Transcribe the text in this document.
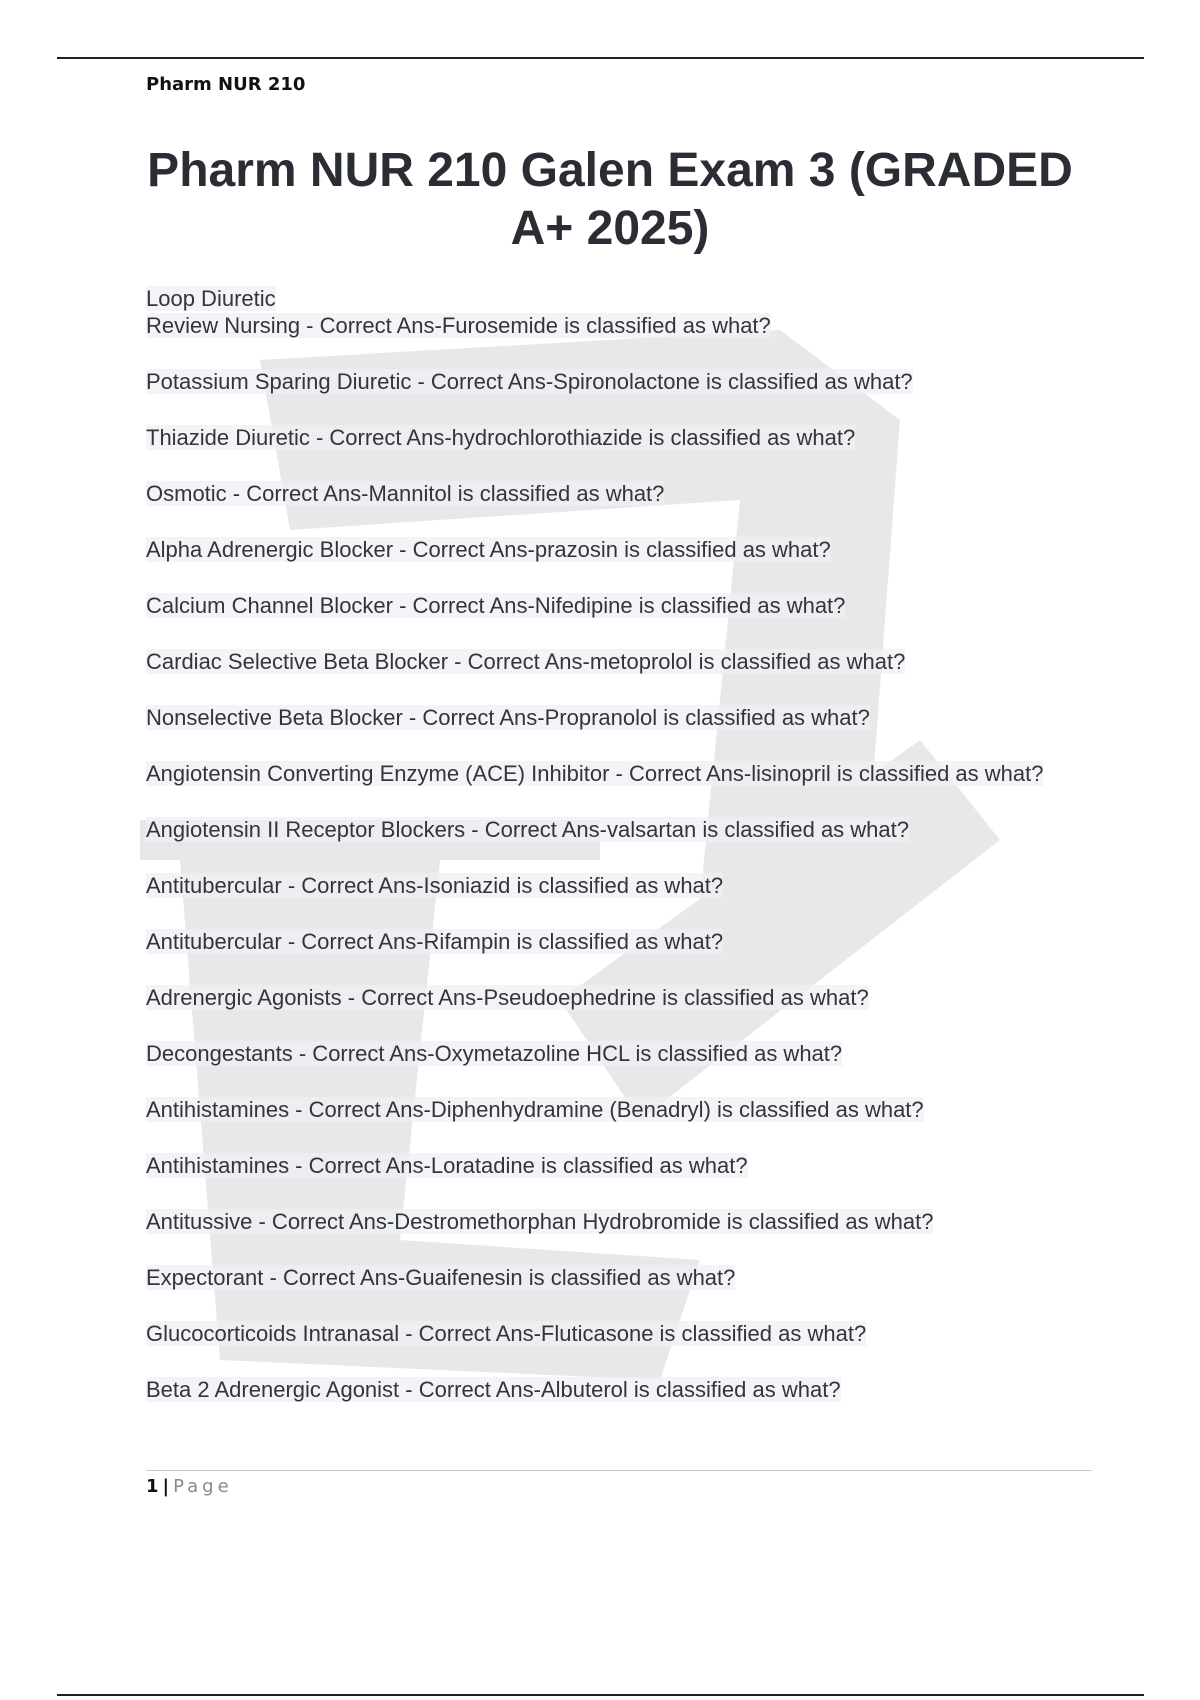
Pharm NUR 210
Pharm NUR 210 Galen Exam 3 (GRADED A+ 2025)
Loop Diuretic
Review Nursing - Correct Ans-Furosemide is classified as what?
Potassium Sparing Diuretic - Correct Ans-Spironolactone is classified as what?
Thiazide Diuretic - Correct Ans-hydrochlorothiazide is classified as what?
Osmotic - Correct Ans-Mannitol is classified as what?
Alpha Adrenergic Blocker - Correct Ans-prazosin is classified as what?
Calcium Channel Blocker - Correct Ans-Nifedipine is classified as what?
Cardiac Selective Beta Blocker - Correct Ans-metoprolol is classified as what?
Nonselective Beta Blocker - Correct Ans-Propranolol is classified as what?
Angiotensin Converting Enzyme (ACE) Inhibitor - Correct Ans-lisinopril is classified as what?
Angiotensin II Receptor Blockers - Correct Ans-valsartan is classified as what?
Antitubercular - Correct Ans-Isoniazid is classified as what?
Antitubercular - Correct Ans-Rifampin is classified as what?
Adrenergic Agonists - Correct Ans-Pseudoephedrine is classified as what?
Decongestants - Correct Ans-Oxymetazoline HCL is classified as what?
Antihistamines - Correct Ans-Diphenhydramine (Benadryl) is classified as what?
Antihistamines - Correct Ans-Loratadine is classified as what?
Antitussive - Correct Ans-Destromethorphan Hydrobromide is classified as what?
Expectorant - Correct Ans-Guaifenesin is classified as what?
Glucocorticoids Intranasal - Correct Ans-Fluticasone is classified as what?
Beta 2 Adrenergic Agonist - Correct Ans-Albuterol is classified as what?
1 | Page
